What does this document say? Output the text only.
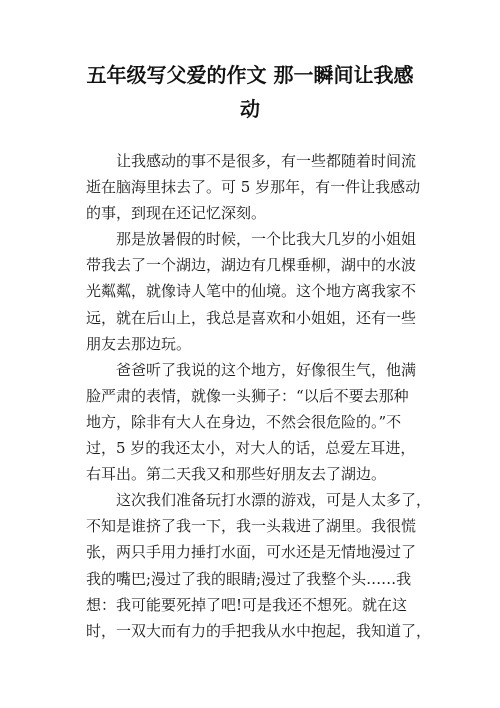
五年级写父爱的作文 那一瞬间让我感
动
让我感动的事不是很多，有一些都随着时间流
逝在脑海里抹去了。可 5 岁那年，有一件让我感动
的事，到现在还记忆深刻。
那是放暑假的时候，一个比我大几岁的小姐姐
带我去了一个湖边，湖边有几棵垂柳，湖中的水波
光粼粼，就像诗人笔中的仙境。这个地方离我家不
远，就在后山上，我总是喜欢和小姐姐，还有一些
朋友去那边玩。
爸爸听了我说的这个地方，好像很生气，他满
脸严肃的表情，就像一头狮子：“以后不要去那种
地方，除非有大人在身边，不然会很危险的。”不
过，5 岁的我还太小，对大人的话，总爱左耳进，
右耳出。第二天我又和那些好朋友去了湖边。
这次我们准备玩打水漂的游戏，可是人太多了，
不知是谁挤了我一下，我一头栽进了湖里。我很慌
张，两只手用力捶打水面，可水还是无情地漫过了
我的嘴巴;漫过了我的眼睛;漫过了我整个头……我
想：我可能要死掉了吧!可是我还不想死。就在这
时，一双大而有力的手把我从水中抱起，我知道了，
